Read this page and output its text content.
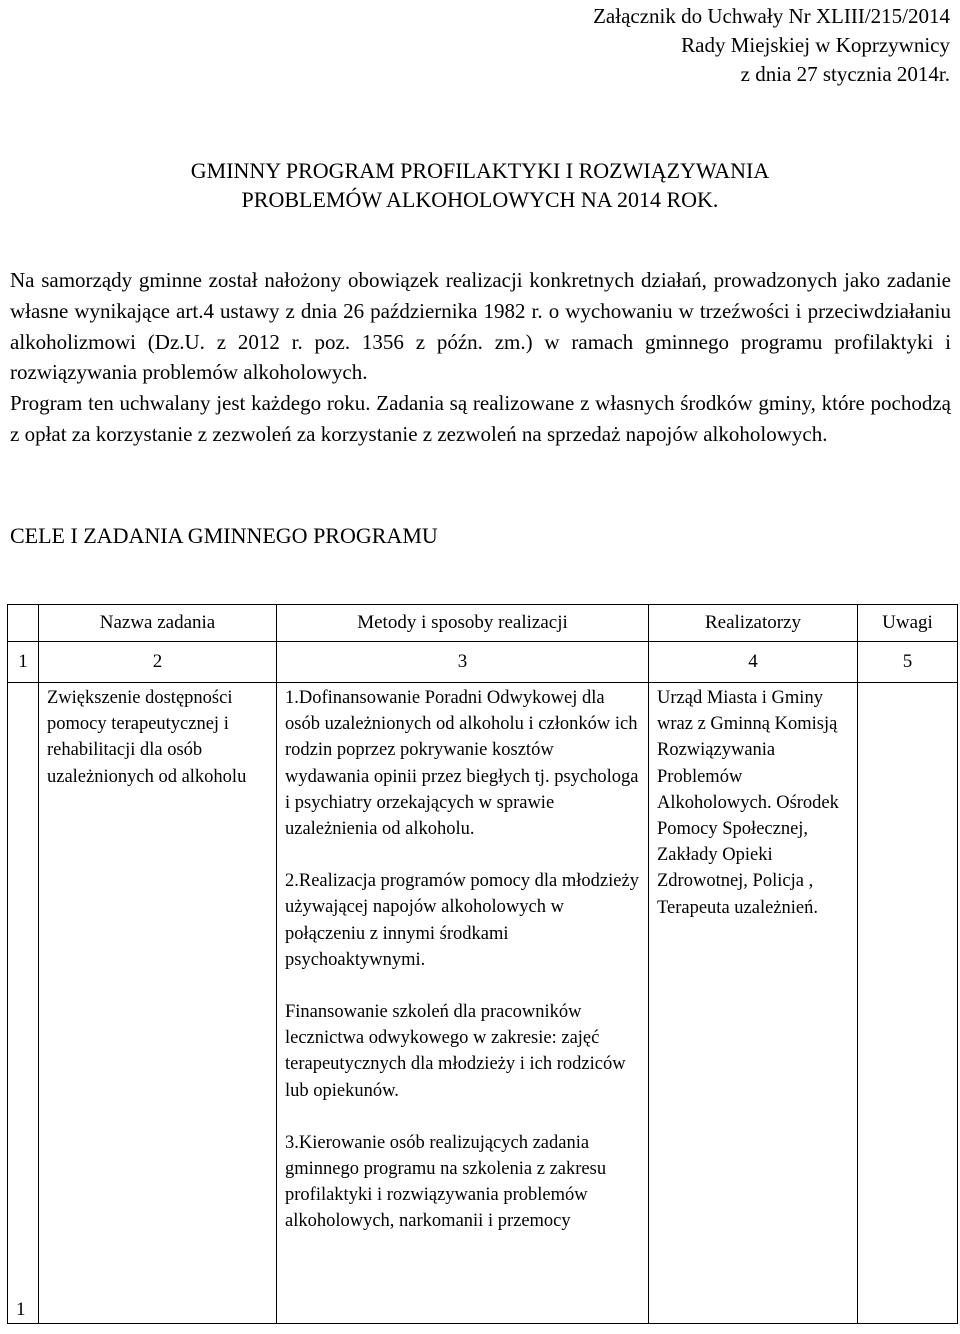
Załącznik do Uchwały Nr XLIII/215/2014
Rady Miejskiej w Koprzywnicy
z dnia 27 stycznia 2014r.
GMINNY PROGRAM PROFILAKTYKI I ROZWIĄZYWANIA
PROBLEMÓW ALKOHOLOWYCH NA 2014 ROK.

Na samorządy gminne został nałożony obowiązek realizacji konkretnych działań, prowadzonych jako zadanie własne wynikające art.4 ustawy z dnia 26 października 1982 r. o wychowaniu w trzeźwości i przeciwdziałaniu alkoholizmowi (Dz.U. z 2012 r. poz. 1356 z późn. zm.) w ramach gminnego programu profilaktyki i rozwiązywania problemów alkoholowych.

Program ten uchwalany jest każdego roku. Zadania są realizowane z własnych środków gminy, które pochodzą z opłat za korzystanie z zezwoleń za korzystanie z zezwoleń na sprzedaż napojów alkoholowych.

CELE I ZADANIA GMINNEGO PROGRAMU
	Nazwa zadania	Metody i sposoby realizacji	Realizatorzy	Uwagi
1	2	3	4	5

1	Zwiększenie dostępności pomocy terapeutycznej i rehabilitacji dla osób uzależnionych od alkoholu	1.Dofinansowanie Poradni Odwykowej dla osób uzależnionych od alkoholu i członków ich rodzin poprzez pokrywanie kosztów wydawania opinii przez biegłych tj. psychologa i psychiatry orzekających w sprawie uzależnienia od alkoholu.

2.Realizacja programów pomocy dla młodzieży używającej napojów alkoholowych w połączeniu z innymi środkami psychoaktywnymi.

Finansowanie szkoleń dla pracowników lecznictwa odwykowego w zakresie: zajęć terapeutycznych dla młodzieży i ich rodziców lub opiekunów.

3.Kierowanie osób realizujących zadania gminnego programu na szkolenia z zakresu profilaktyki i rozwiązywania problemów alkoholowych, narkomanii i przemocy	Urząd Miasta i Gminy wraz z Gminną Komisją Rozwiązywania Problemów Alkoholowych. Ośrodek Pomocy Społecznej, Zakłady Opieki Zdrowotnej, Policja , Terapeuta uzależnień.	
